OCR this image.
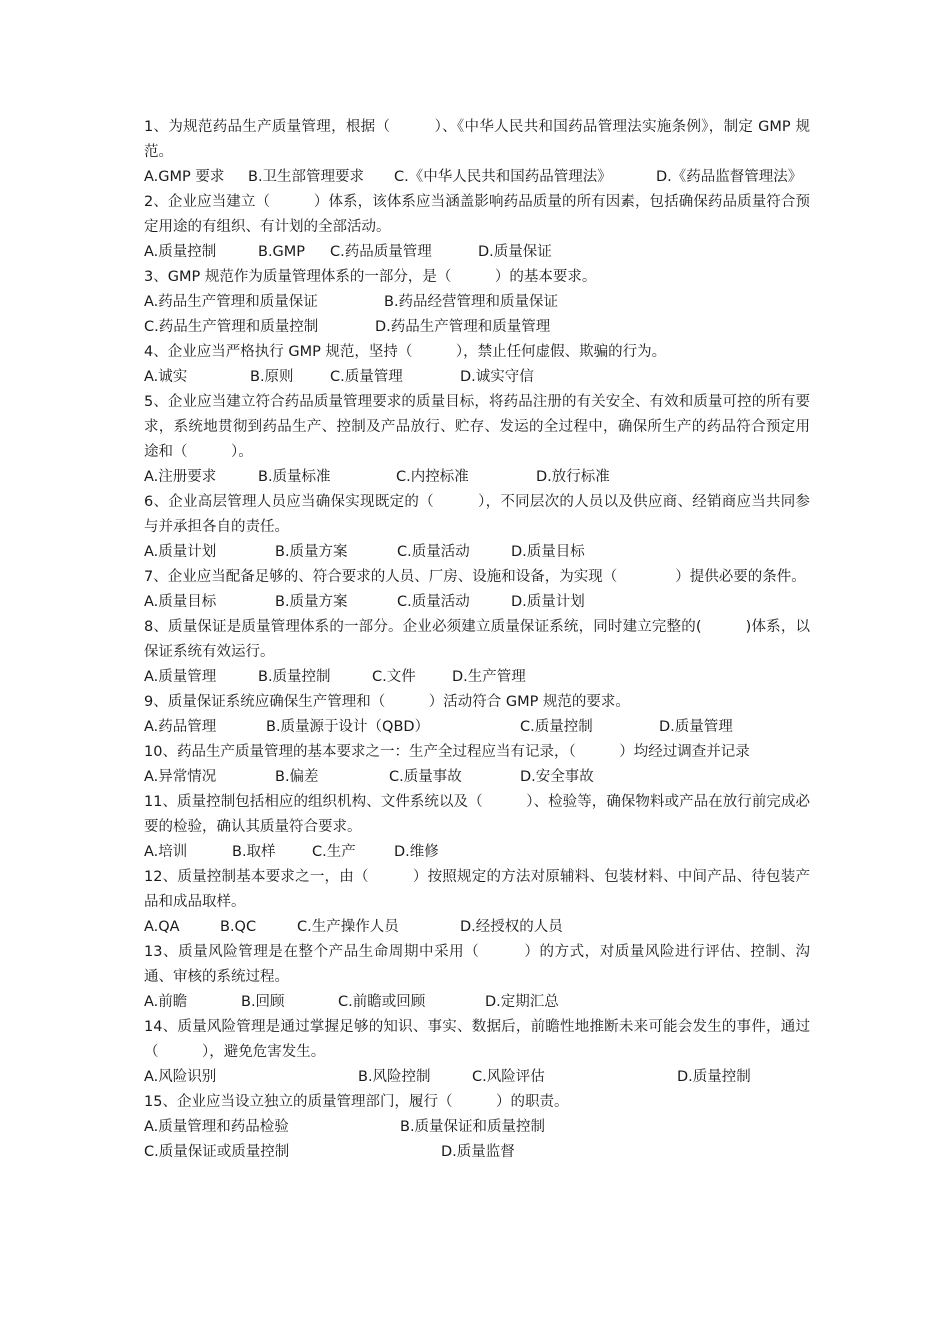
1、为规范药品生产质量管理，根据（　　　）、《中华人民共和国药品管理法实施条例》，制定 GMP 规范。

A.GMP 要求 B.卫生部管理要求 C.《中华人民共和国药品管理法》	D.《药品监督管理法》

2、企业应当建立（　　　）体系，该体系应当涵盖影响药品质量的所有因素，包括确保药品质量符合预定用途的有组织、有计划的全部活动。

A.质量控制	B.GMP C.药品质量管理	D.质量保证

3、GMP 规范作为质量管理体系的一部分，是（　　　）的基本要求。

A.药品生产管理和质量保证	B.药品经营管理和质量保证
C.药品生产管理和质量控制	D.药品生产管理和质量管理

4、企业应当严格执行 GMP 规范，坚持（　　　），禁止任何虚假、欺骗的行为。

A.诚实	B.原则	C.质量管理	D.诚实守信

5、企业应当建立符合药品质量管理要求的质量目标，将药品注册的有关安全、有效和质量可控的所有要求，系统地贯彻到药品生产、控制及产品放行、贮存、发运的全过程中，确保所生产的药品符合预定用途和（　　　）。

A.注册要求	B.质量标准	C.内控标准	D.放行标准

6、企业高层管理人员应当确保实现既定的（　　　），不同层次的人员以及供应商、经销商应当共同参与并承担各自的责任。

A.质量计划	B.质量方案	C.质量活动	D.质量目标

7、企业应当配备足够的、符合要求的人员、厂房、设施和设备，为实现（　　　　）提供必要的条件。

A.质量目标	B.质量方案	C.质量活动	D.质量计划

8、质量保证是质量管理体系的一部分。企业必须建立质量保证系统，同时建立完整的(　　　)体系，以保证系统有效运行。

A.质量管理	B.质量控制	C.文件	D.生产管理

9、质量保证系统应确保生产管理和（　　　）活动符合 GMP 规范的要求。

A.药品管理	B.质量源于设计（QBD）	C.质量控制	D.质量管理

10、药品生产质量管理的基本要求之一：生产全过程应当有记录，（　　　）均经过调查并记录

A.异常情况	B.偏差	C.质量事故	D.安全事故

11、质量控制包括相应的组织机构、文件系统以及（　　　）、检验等，确保物料或产品在放行前完成必要的检验，确认其质量符合要求。

A.培训	B.取样	C.生产	D.维修

12、质量控制基本要求之一，由（　　　）按照规定的方法对原辅料、包装材料、中间产品、待包装产品和成品取样。

A.QA	B.QC	C.生产操作人员	D.经授权的人员

13、质量风险管理是在整个产品生命周期中采用（　　　）的方式，对质量风险进行评估、控制、沟通、审核的系统过程。

A.前瞻	B.回顾	C.前瞻或回顾	D.定期汇总

14、质量风险管理是通过掌握足够的知识、事实、数据后，前瞻性地推断未来可能会发生的事件，通过（　　　），避免危害发生。

A.风险识别	B.风险控制	C.风险评估	D.质量控制

15、企业应当设立独立的质量管理部门，履行（　　　）的职责。

A.质量管理和药品检验	B.质量保证和质量控制
C.质量保证或质量控制	D.质量监督
